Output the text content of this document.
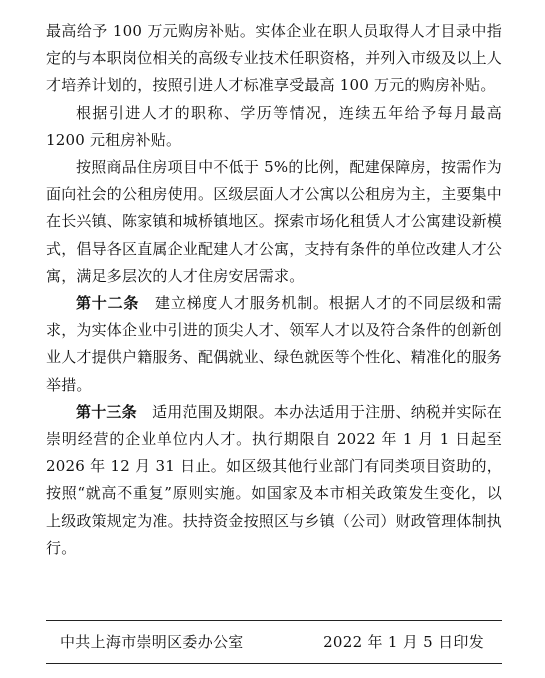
最高给予 100 万元购房补贴。实体企业在职人员取得人才目录中指定的与本职岗位相关的高级专业技术任职资格，并列入市级及以上人才培养计划的，按照引进人才标准享受最高 100 万元的购房补贴。

根据引进人才的职称、学历等情况，连续五年给予每月最高 1200 元租房补贴。

按照商品住房项目中不低于 5%的比例，配建保障房，按需作为面向社会的公租房使用。区级层面人才公寓以公租房为主，主要集中在长兴镇、陈家镇和城桥镇地区。探索市场化租赁人才公寓建设新模式，倡导各区直属企业配建人才公寓，支持有条件的单位改建人才公寓，满足多层次的人才住房安居需求。

第十二条　 建立梯度人才服务机制。根据人才的不同层级和需求，为实体企业中引进的顶尖人才、领军人才以及符合条件的创新创业人才提供户籍服务、配偶就业、绿色就医等个性化、精准化的服务举措。

第十三条　 适用范围及期限。本办法适用于注册、纳税并实际在崇明经营的企业单位内人才。执行期限自 2022 年 1 月 1 日起至 2026 年 12 月 31 日止。如区级其他行业部门有同类项目资助的，按照“就高不重复”原则实施。如国家及本市相关政策发生变化，以上级政策规定为准。扶持资金按照区与乡镇（公司）财政管理体制执行。

中共上海市崇明区委办公室	2022 年 1 月 5 日印发
